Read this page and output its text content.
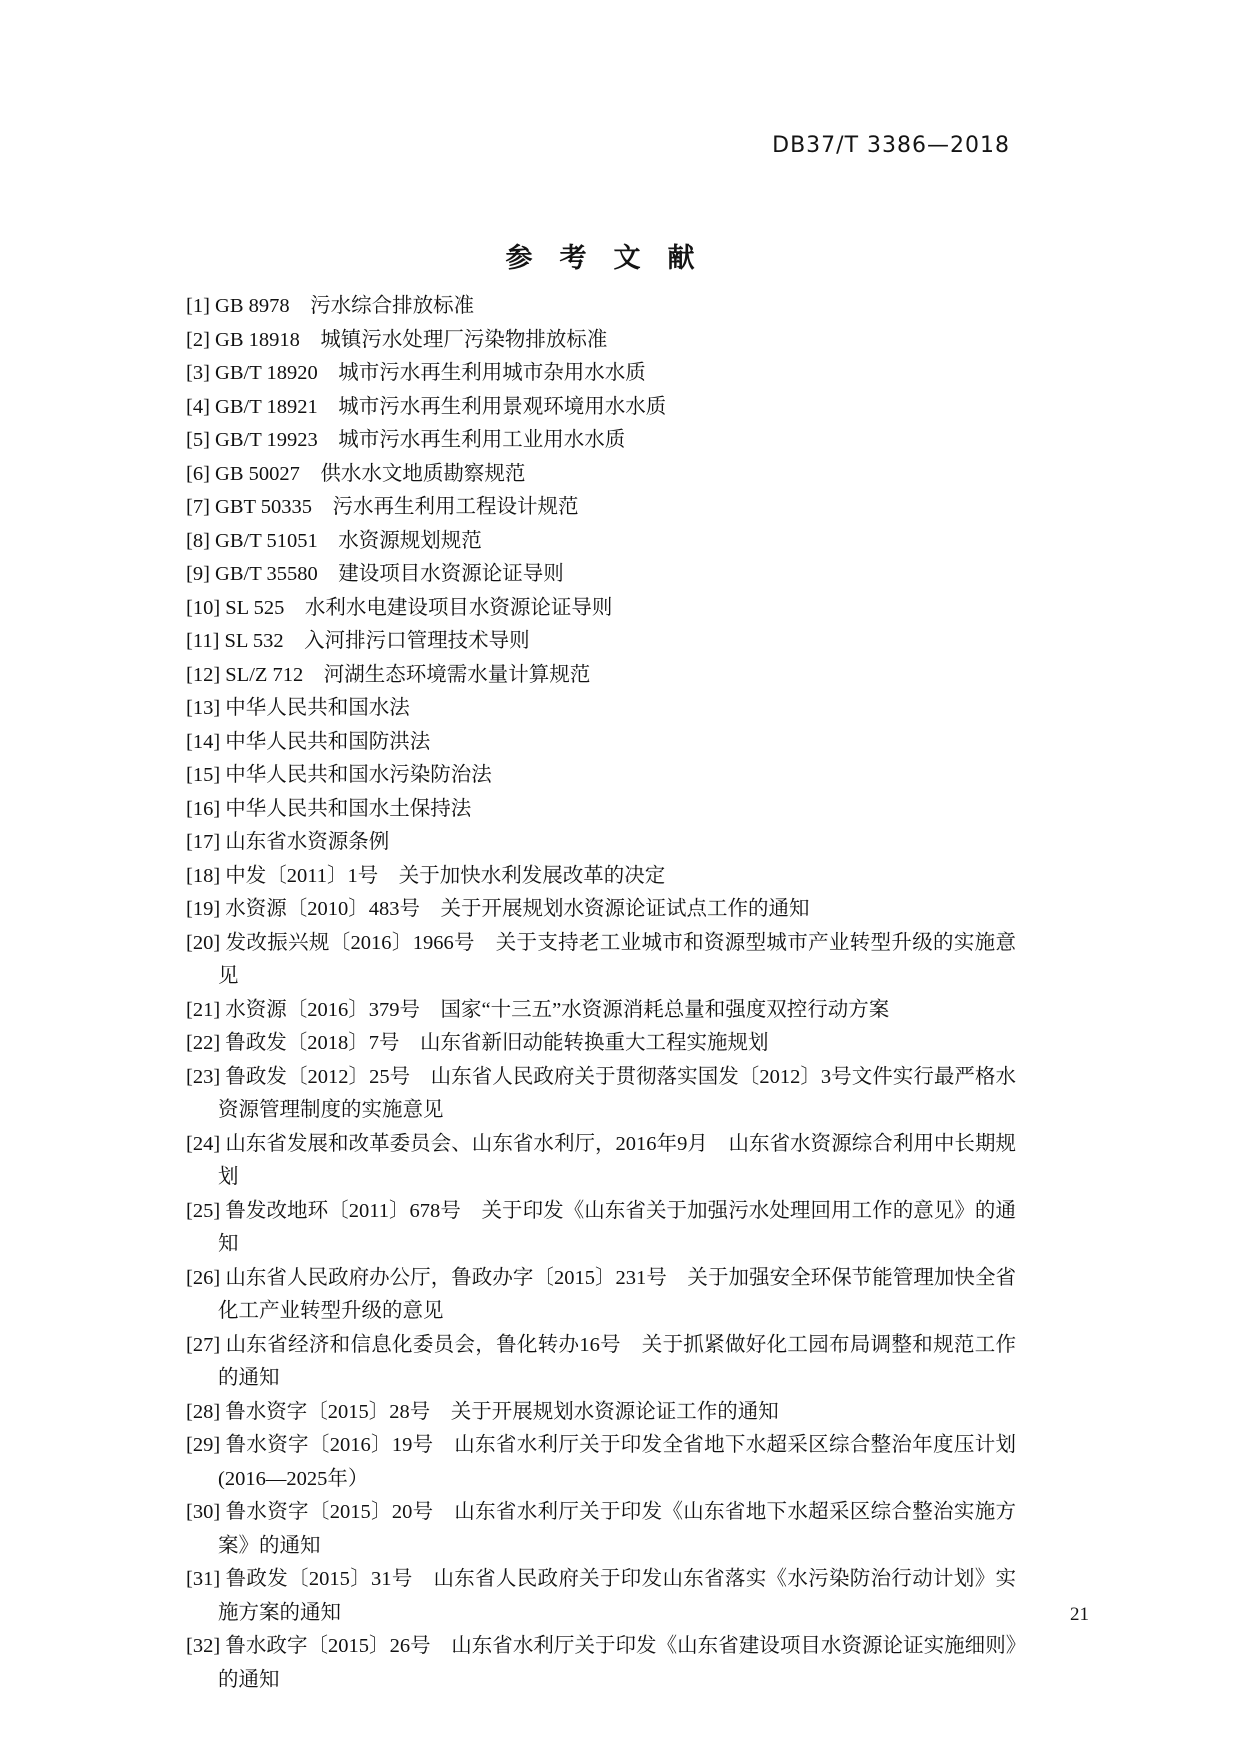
DB37/T 3386—2018
参　考　文　献

[1] GB 8978　污水综合排放标准

[2] GB 18918　城镇污水处理厂污染物排放标准

[3] GB/T 18920　城市污水再生利用城市杂用水水质

[4] GB/T 18921　城市污水再生利用景观环境用水水质

[5] GB/T 19923　城市污水再生利用工业用水水质

[6] GB 50027　供水水文地质勘察规范

[7] GBT 50335　污水再生利用工程设计规范

[8] GB/T 51051　水资源规划规范

[9] GB/T 35580　建设项目水资源论证导则

[10] SL 525　水利水电建设项目水资源论证导则

[11] SL 532　入河排污口管理技术导则

[12] SL/Z 712　河湖生态环境需水量计算规范

[13] 中华人民共和国水法

[14] 中华人民共和国防洪法

[15] 中华人民共和国水污染防治法

[16] 中华人民共和国水土保持法

[17] 山东省水资源条例

[18] 中发〔2011〕1号　关于加快水利发展改革的决定

[19] 水资源〔2010〕483号　关于开展规划水资源论证试点工作的通知

[20] 发改振兴规〔2016〕1966号　关于支持老工业城市和资源型城市产业转型升级的实施意见

[21] 水资源〔2016〕379号　国家“十三五”水资源消耗总量和强度双控行动方案

[22] 鲁政发〔2018〕7号　山东省新旧动能转换重大工程实施规划

[23] 鲁政发〔2012〕25号　山东省人民政府关于贯彻落实国发〔2012〕3号文件实行最严格水资源管理制度的实施意见

[24] 山东省发展和改革委员会、山东省水利厅，2016年9月　山东省水资源综合利用中长期规划

[25] 鲁发改地环〔2011〕678号　关于印发《山东省关于加强污水处理回用工作的意见》的通知

[26] 山东省人民政府办公厅，鲁政办字〔2015〕231号　关于加强安全环保节能管理加快全省化工产业转型升级的意见

[27] 山东省经济和信息化委员会，鲁化转办16号　关于抓紧做好化工园布局调整和规范工作的通知

[28] 鲁水资字〔2015〕28号　关于开展规划水资源论证工作的通知

[29] 鲁水资字〔2016〕19号　山东省水利厅关于印发全省地下水超采区综合整治年度压计划(2016—2025年）

[30] 鲁水资字〔2015〕20号　山东省水利厅关于印发《山东省地下水超采区综合整治实施方案》的通知

[31] 鲁政发〔2015〕31号　山东省人民政府关于印发山东省落实《水污染防治行动计划》实施方案的通知

[32] 鲁水政字〔2015〕26号　山东省水利厅关于印发《山东省建设项目水资源论证实施细则》的通知

21
